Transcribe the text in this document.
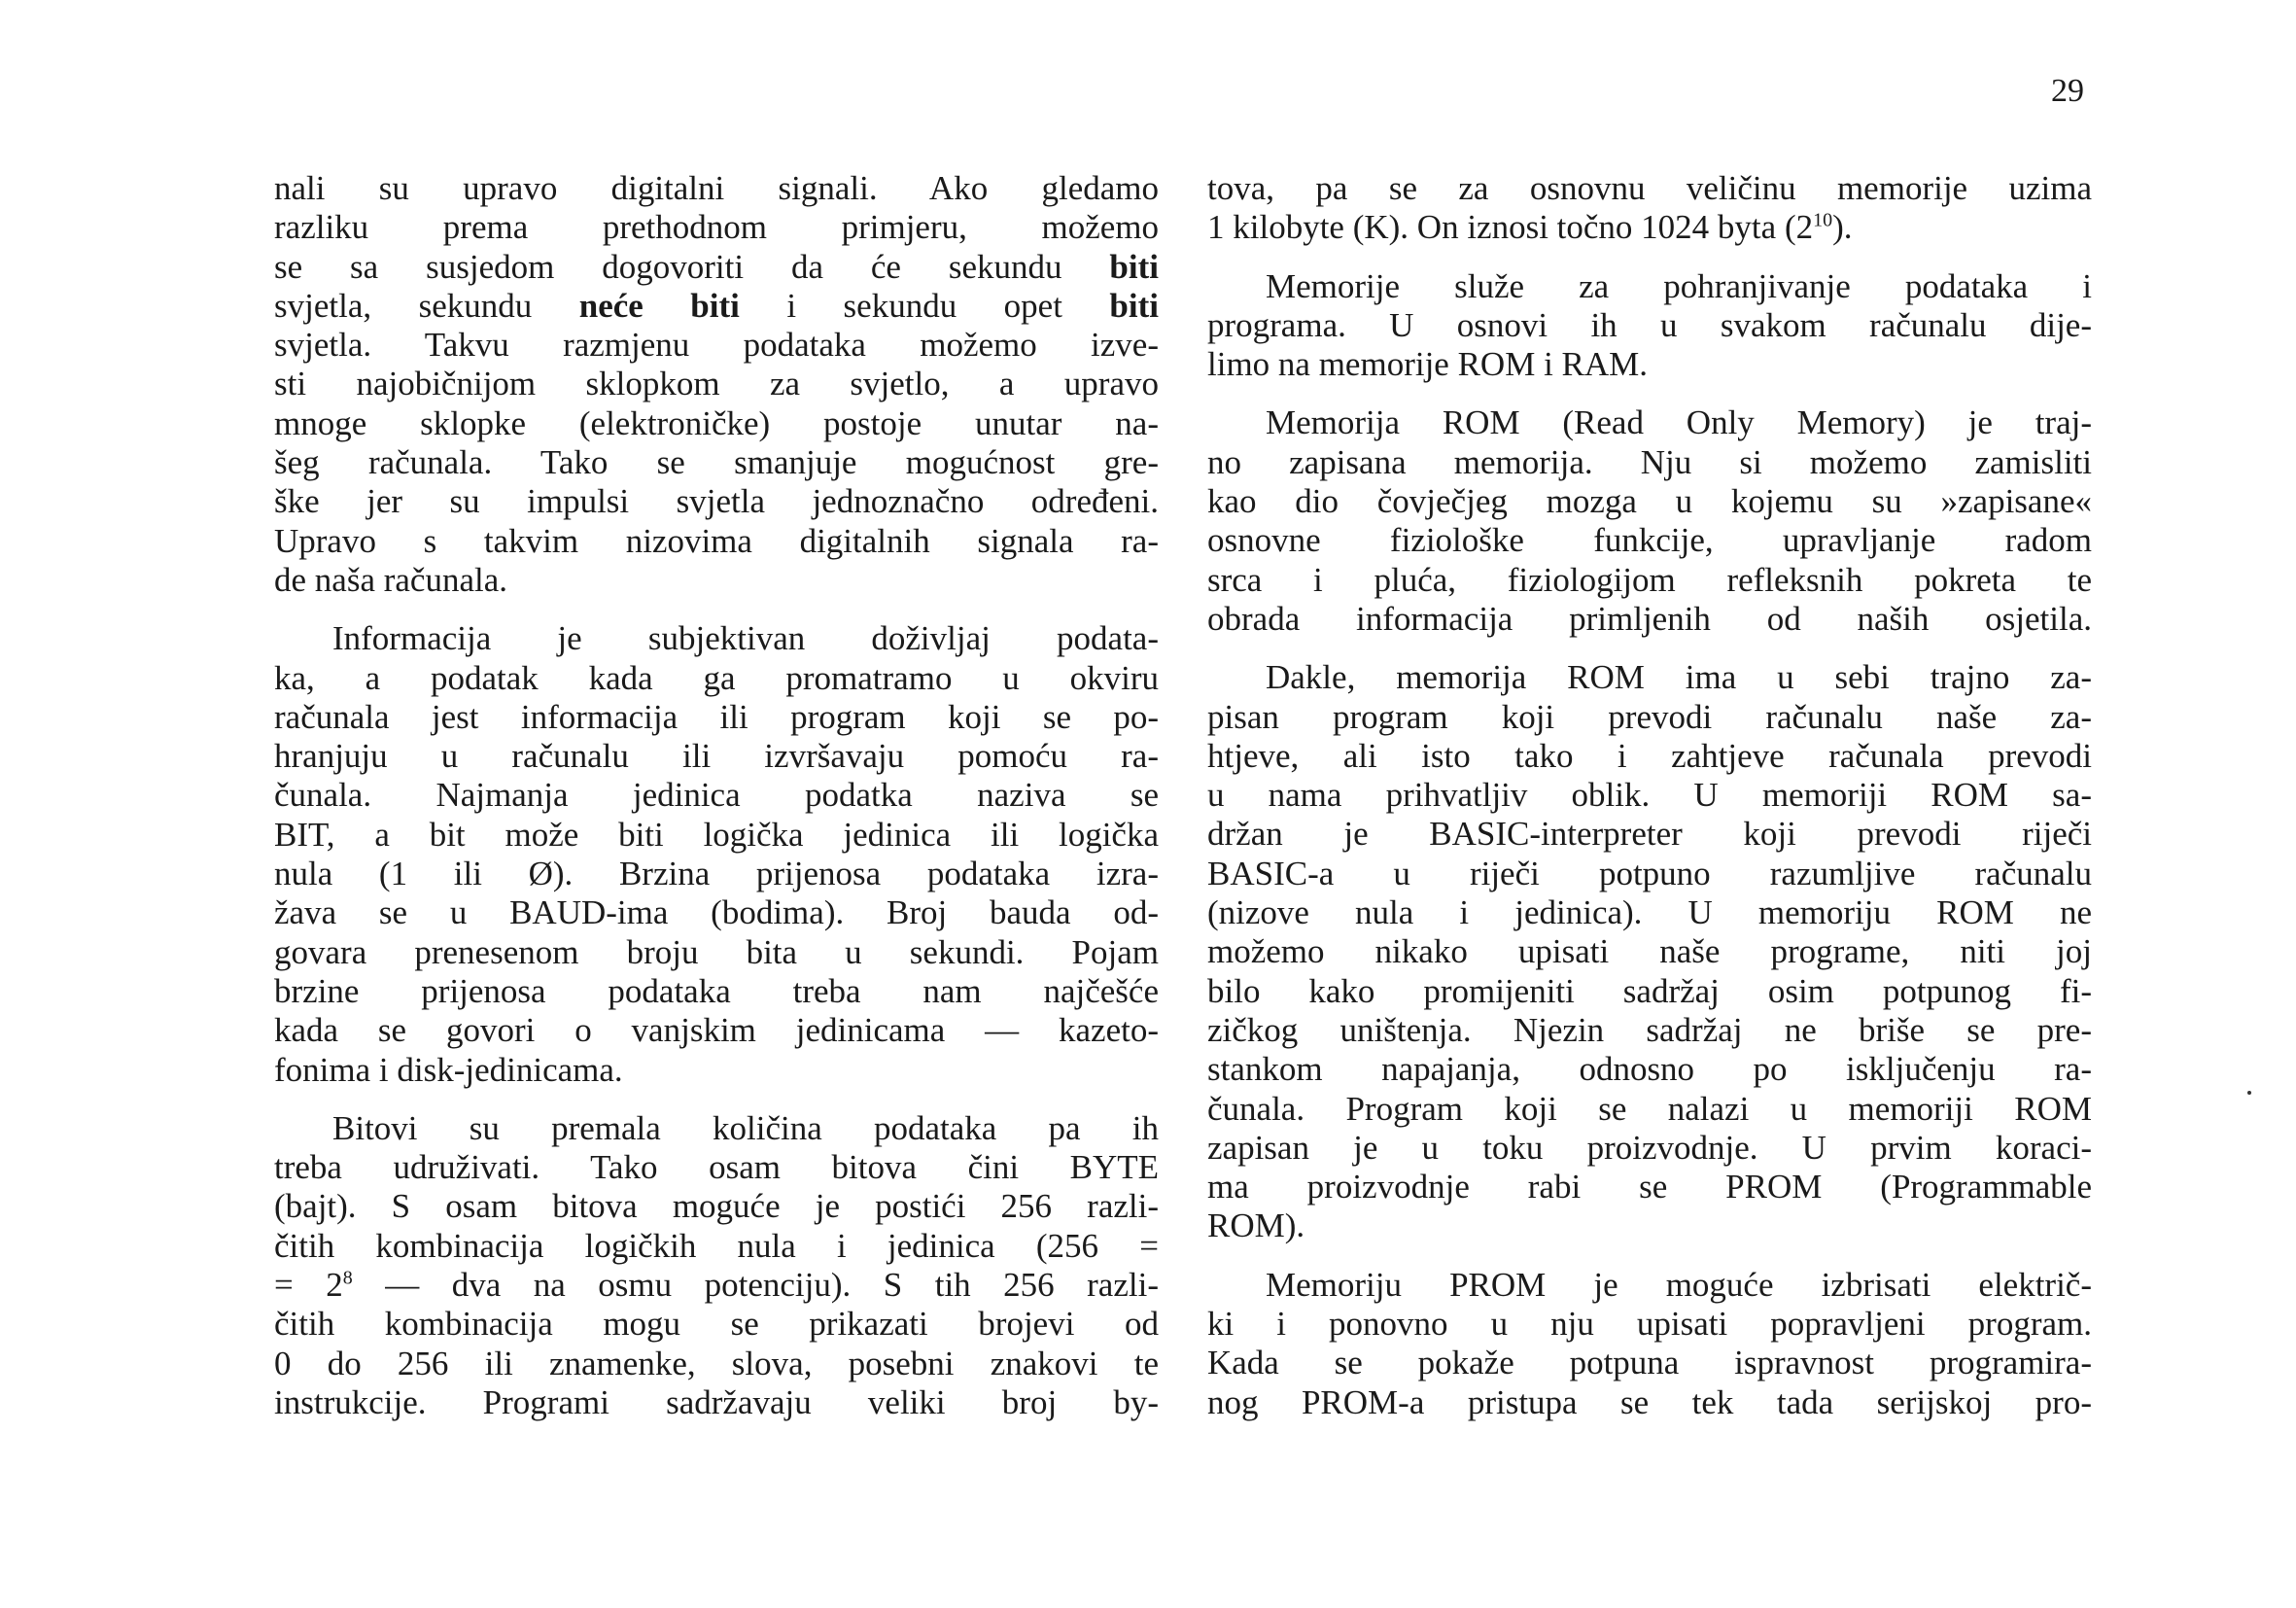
29
nali su upravo digitalni signali. Ako gledamo
razliku prema prethodnom primjeru, možemo
se sa susjedom dogovoriti da će sekundu biti
svjetla, sekundu neće biti i sekundu opet biti
svjetla. Takvu razmjenu podataka možemo izve-
sti najobičnijom sklopkom za svjetlo, a upravo
mnoge sklopke (elektroničke) postoje unutar na-
šeg računala. Tako se smanjuje mogućnost gre-
ške jer su impulsi svjetla jednoznačno određeni.
Upravo s takvim nizovima digitalnih signala ra-
de naša računala.
Informacija je subjektivan doživljaj podata-
ka, a podatak kada ga promatramo u okviru
računala jest informacija ili program koji se po-
hranjuju u računalu ili izvršavaju pomoću ra-
čunala. Najmanja jedinica podatka naziva se
BIT, a bit može biti logička jedinica ili logička
nula (1 ili Ø). Brzina prijenosa podataka izra-
žava se u BAUD-ima (bodima). Broj bauda od-
govara prenesenom broju bita u sekundi. Pojam
brzine prijenosa podataka treba nam najčešće
kada se govori o vanjskim jedinicama — kazeto-
fonima i disk-jedinicama.
Bitovi su premala količina podataka pa ih
treba udruživati. Tako osam bitova čini BYTE
(bajt). S osam bitova moguće je postići 256 razli-
čitih kombinacija logičkih nula i jedinica (256 =
= $2^8$ — dva na osmu potenciju). S tih 256 razli-
čitih kombinacija mogu se prikazati brojevi od
0 do 256 ili znamenke, slova, posebni znakovi te
instrukcije. Programi sadržavaju veliki broj by-
tova, pa se za osnovnu veličinu memorije uzima
1 kilobyte (K). On iznosi točno 1024 byta $(2^{10})$.
Memorije služe za pohranjivanje podataka i
programa. U osnovi ih u svakom računalu dije-
limo na memorije ROM i RAM.
Memorija ROM (Read Only Memory) je traj-
no zapisana memorija. Nju si možemo zamisliti
kao dio čovječjeg mozga u kojemu su »zapisane«
osnovne fiziološke funkcije, upravljanje radom
srca i pluća, fiziologijom refleksnih pokreta te
obrada informacija primljenih od naših osjetila.
Dakle, memorija ROM ima u sebi trajno za-
pisan program koji prevodi računalu naše za-
htjeve, ali isto tako i zahtjeve računala prevodi
u nama prihvatljiv oblik. U memoriji ROM sa-
držan je BASIC-interpreter koji prevodi riječi
BASIC-a u riječi potpuno razumljive računalu
(nizove nula i jedinica). U memoriju ROM ne
možemo nikako upisati naše programe, niti joj
bilo kako promijeniti sadržaj osim potpunog fi-
zičkog uništenja. Njezin sadržaj ne briše se pre-
stankom napajanja, odnosno po isključenju ra-
čunala. Program koji se nalazi u memoriji ROM
zapisan je u toku proizvodnje. U prvim koraci-
ma proizvodnje rabi se PROM (Programmable
ROM).
Memoriju PROM je moguće izbrisati električ-
ki i ponovno u nju upisati popravljeni program.
Kada se pokaže potpuna ispravnost programira-
nog PROM-a pristupa se tek tada serijskoj pro-
